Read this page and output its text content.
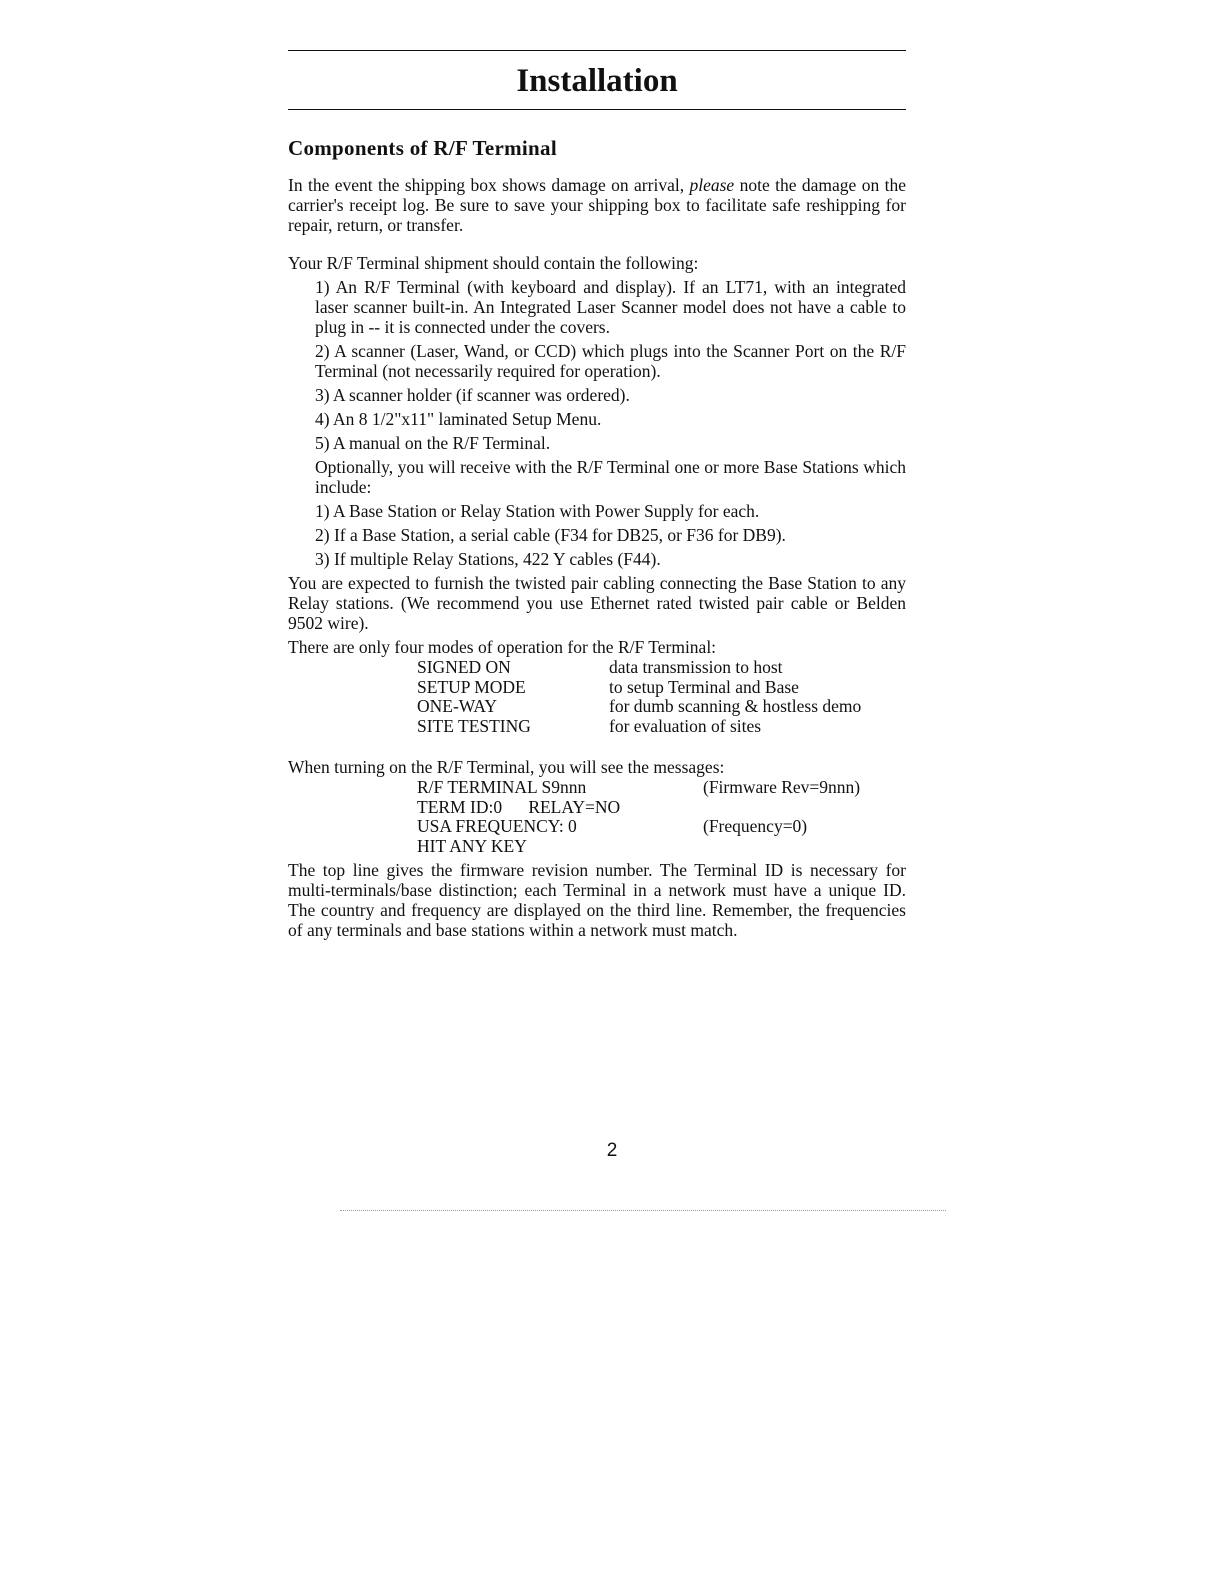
Installation
Components of R/F Terminal

In the event the shipping box shows damage on arrival, please note the damage on the carrier's receipt log. Be sure to save your shipping box to facilitate safe reshipping for repair, return, or transfer.

Your R/F Terminal shipment should contain the following:

1) An R/F Terminal (with keyboard and display). If an LT71, with an integrated laser scanner built-in. An Integrated Laser Scanner model does not have a cable to plug in -- it is connected under the covers.
2) A scanner (Laser, Wand, or CCD) which plugs into the Scanner Port on the R/F Terminal (not necessarily required for operation).
3) A scanner holder (if scanner was ordered).
4) An 8 1/2"x11" laminated Setup Menu.
5) A manual on the R/F Terminal.
Optionally, you will receive with the R/F Terminal one or more Base Stations which include:
1) A Base Station or Relay Station with Power Supply for each.
2) If a Base Station, a serial cable (F34 for DB25, or F36 for DB9).
3) If multiple Relay Stations, 422 Y cables (F44).

You are expected to furnish the twisted pair cabling connecting the Base Station to any Relay stations. (We recommend you use Ethernet rated twisted pair cable or Belden 9502 wire).

There are only four modes of operation for the R/F Terminal:

SIGNED ON	data transmission to host
SETUP MODE	to setup Terminal and Base
ONE-WAY	for dumb scanning & hostless demo
SITE TESTING	for evaluation of sites

When turning on the R/F Terminal, you will see the messages:

R/F TERMINAL S9nnn	(Firmware Rev=9nnn)
TERM ID:0      RELAY=NO
USA FREQUENCY: 0	(Frequency=0)
HIT ANY KEY

The top line gives the firmware revision number. The Terminal ID is necessary for multi-terminals/base distinction; each Terminal in a network must have a unique ID. The country and frequency are displayed on the third line. Remember, the frequencies of any terminals and base stations within a network must match.

2
